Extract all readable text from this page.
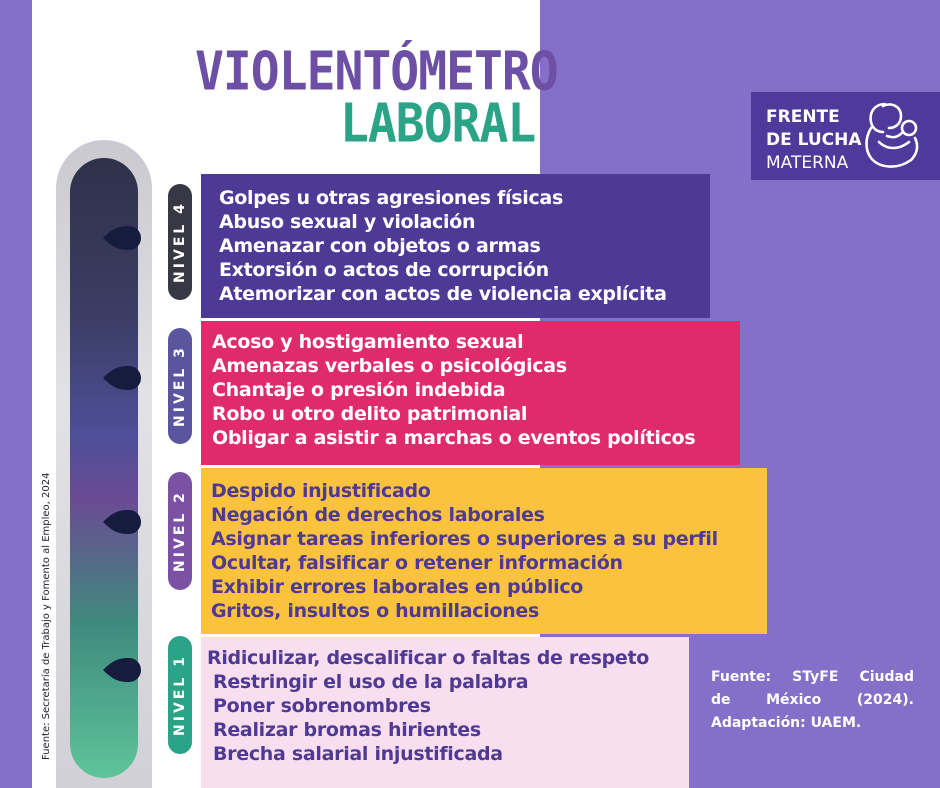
VIOLENTÓMETRO
LABORAL
NIVEL 4
NIVEL 3
NIVEL 2
NIVEL 1
Golpes u otras agresiones físicas
Abuso sexual y violación
Amenazar con objetos o armas
Extorsión o actos de corrupción
Atemorizar con actos de violencia explícita
Acoso y hostigamiento sexual
Amenazas verbales o psicológicas
Chantaje o presión indebida
Robo u otro delito patrimonial
Obligar a asistir a marchas o eventos políticos
Despido injustificado
Negación de derechos laborales
Asignar tareas inferiores o superiores a su perfil
Ocultar, falsificar o retener información
Exhibir errores laborales en público
Gritos, insultos o humillaciones
Ridiculizar, descalificar o faltas de respeto
Restringir el uso de la palabra
Poner sobrenombres
Realizar bromas hirientes
Brecha salarial injustificada
FRENTE
DE LUCHA
MATERNA
Fuente: STyFE Ciudad
de México (2024).
Adaptación: UAEM.
Fuente: Secretaría de Trabajo y Fomento al Empleo, 2024
